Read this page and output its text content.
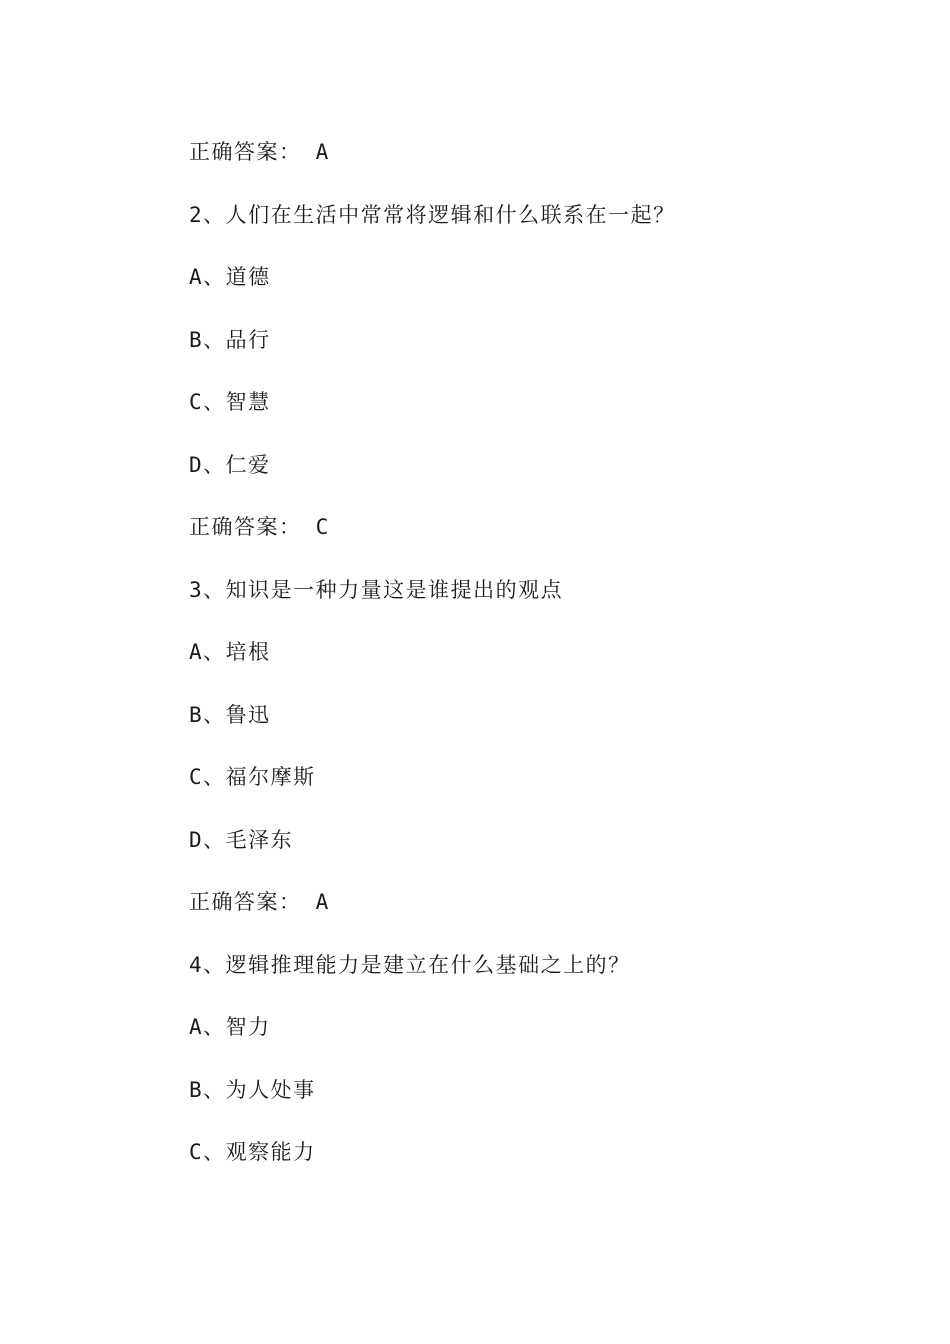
正确答案： A
2、人们在生活中常常将逻辑和什么联系在一起？
A、道德
B、品行
C、智慧
D、仁爱
正确答案： C
3、知识是一种力量这是谁提出的观点
A、培根
B、鲁迅
C、福尔摩斯
D、毛泽东
正确答案： A
4、逻辑推理能力是建立在什么基础之上的？
A、智力
B、为人处事
C、观察能力
